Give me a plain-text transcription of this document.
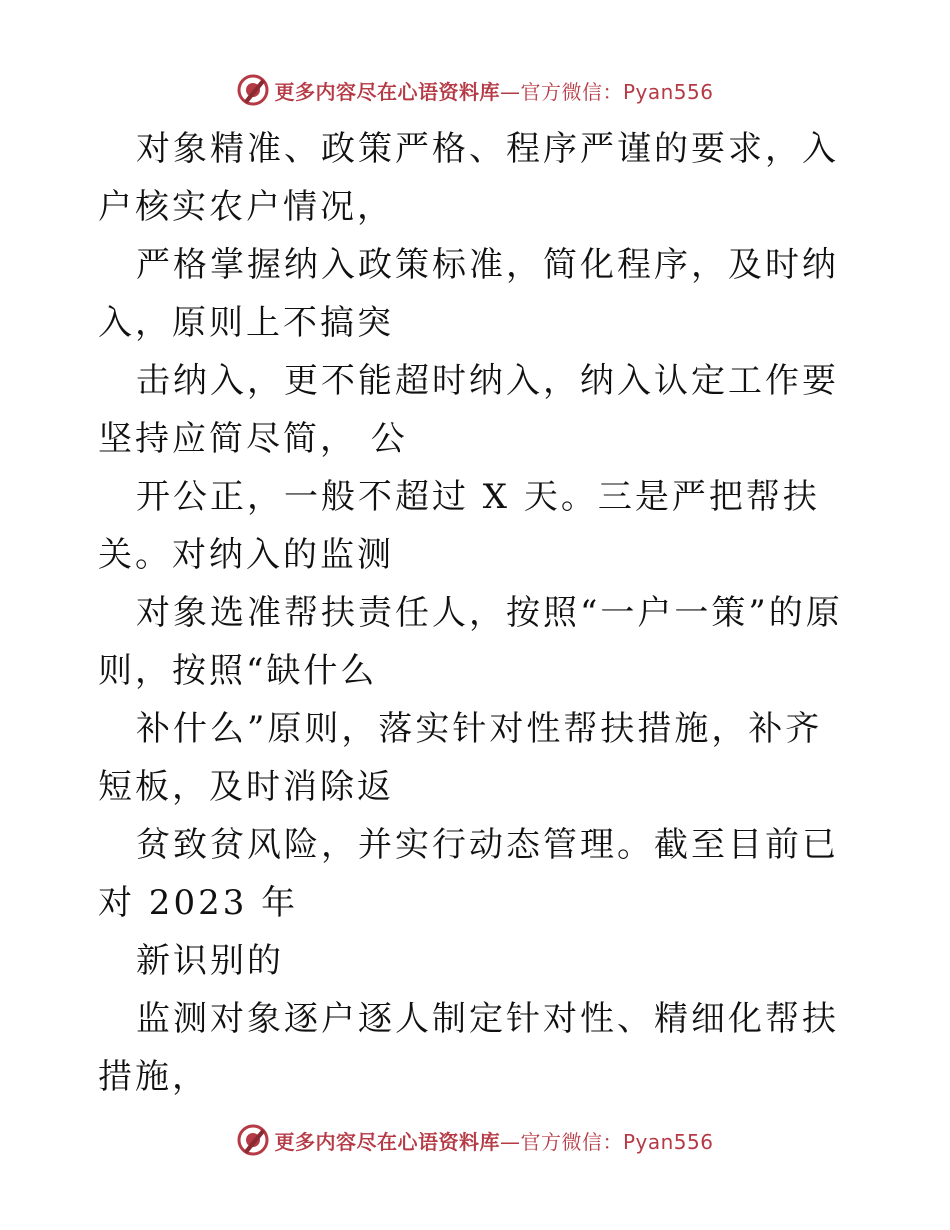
更多内容尽在心语资料库—官方微信：Pyan556

对象精准、政策严格、程序严谨的要求，入户核实农户情况，

严格掌握纳入政策标准，简化程序，及时纳入，原则上不搞突

击纳入，更不能超时纳入，纳入认定工作要坚持应简尽简， 公

开公正，一般不超过 X 天。三是严把帮扶关。对纳入的监测

对象选准帮扶责任人，按照“一户一策”的原则，按照“缺什么

补什么”原则，落实针对性帮扶措施，补齐短板，及时消除返

贫致贫风险，并实行动态管理。截至目前已对 2023 年

新识别的

监测对象逐户逐人制定针对性、精细化帮扶措施，

更多内容尽在心语资料库—官方微信：Pyan556
